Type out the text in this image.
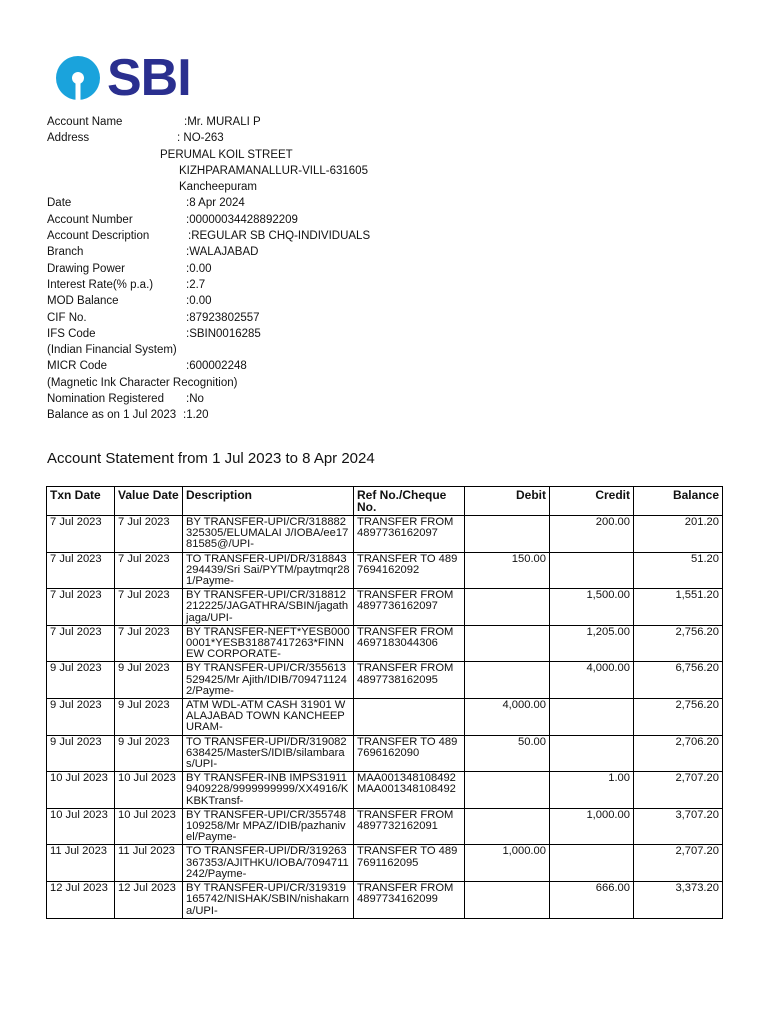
SBI
Account Name	:Mr. MURALI P
Address	: NO-263
PERUMAL KOIL STREET
KIZHPARAMANALLUR-VILL-631605
Kancheepuram
Date	:8 Apr 2024
Account Number	:00000034428892209
Account Description	:REGULAR SB CHQ-INDIVIDUALS
Branch	:WALAJABAD
Drawing Power	:0.00
Interest Rate(% p.a.)	:2.7
MOD Balance	:0.00
CIF No.	:87923802557
IFS Code	:SBIN0016285
(Indian Financial System)
MICR Code	:600002248
(Magnetic Ink Character Recognition)
Nomination Registered :No
Balance as on 1 Jul 2023 :1.20
Account Statement from 1 Jul 2023 to 8 Apr 2024
Txn Date	Value Date	Description	Ref No./Cheque No.	Debit	Credit	Balance
7 Jul 2023	7 Jul 2023	BY TRANSFER-UPI/CR/318882325305/ELUMALAI J/IOBA/ee1781585@/UPI-	TRANSFER FROM 4897736162097		200.00	201.20
7 Jul 2023	7 Jul 2023	TO TRANSFER-UPI/DR/318843294439/Sri Sai/PYTM/paytmqr281/Payme-	TRANSFER TO 4897694162092	150.00		51.20
7 Jul 2023	7 Jul 2023	BY TRANSFER-UPI/CR/318812212225/JAGATHRA/SBIN/jagathjaga/UPI-	TRANSFER FROM 4897736162097		1,500.00	1,551.20
7 Jul 2023	7 Jul 2023	BY TRANSFER-NEFT*YESB0000001*YESB31887417263*FINNEW CORPORATE-	TRANSFER FROM 4697183044306		1,205.00	2,756.20
9 Jul 2023	9 Jul 2023	BY TRANSFER-UPI/CR/355613529425/Mr Ajith/IDIB/7094711242/Payme-	TRANSFER FROM 4897738162095		4,000.00	6,756.20
9 Jul 2023	9 Jul 2023	ATM WDL-ATM CASH 31901 WALAJABAD TOWN KANCHEEPURAM-		4,000.00		2,756.20
9 Jul 2023	9 Jul 2023	TO TRANSFER-UPI/DR/319082638425/MasterS/IDIB/silambaras/UPI-	TRANSFER TO 4897696162090	50.00		2,706.20
10 Jul 2023	10 Jul 2023	BY TRANSFER-INB IMPS319119409228/9999999999/XX4916/KKBKTransf-	MAA001348108492 MAA001348108492		1.00	2,707.20
10 Jul 2023	10 Jul 2023	BY TRANSFER-UPI/CR/355748109258/Mr MPAZ/IDIB/pazhanivel/Payme-	TRANSFER FROM 4897732162091		1,000.00	3,707.20
11 Jul 2023	11 Jul 2023	TO TRANSFER-UPI/DR/319263367353/AJITHKU/IOBA/7094711242/Payme-	TRANSFER TO 4897691162095	1,000.00		2,707.20
12 Jul 2023	12 Jul 2023	BY TRANSFER-UPI/CR/319319165742/NISHAK/SBIN/nishakarna/UPI-	TRANSFER FROM 4897734162099		666.00	3,373.20
